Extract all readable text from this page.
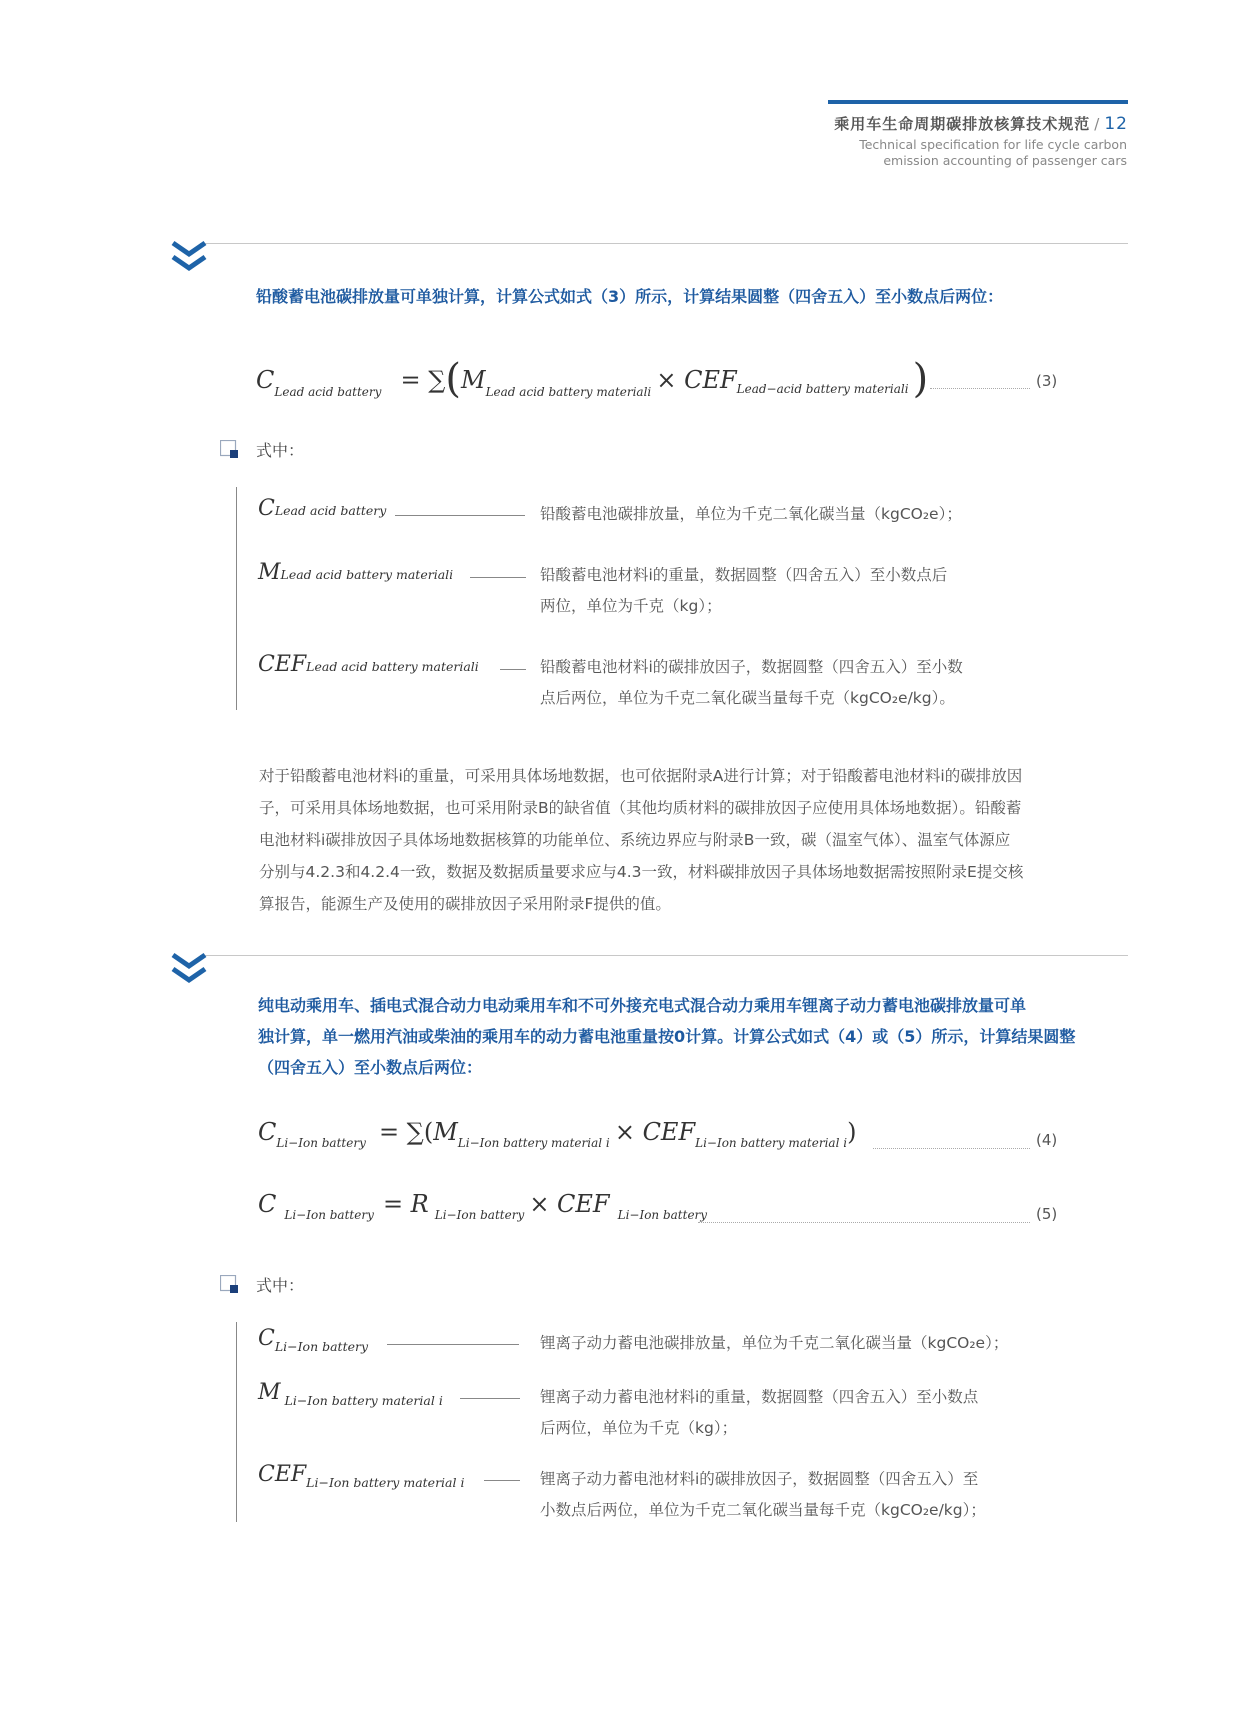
乘用车生命周期碳排放核算技术规范 / 12
Technical specification for life cycle carbon
emission accounting of passenger cars
铅酸蓄电池碳排放量可单独计算，计算公式如式（3）所示，计算结果圆整（四舍五入）至小数点后两位：
$C_{Lead acid battery} = \sum(M_{Lead acid battery materiali} \times CEF_{Lead-acid battery materiali}$ )	(3)
式中：
CLead acid battery	铅酸蓄电池碳排放量，单位为千克二氧化碳当量（kgCO₂e）；
MLead acid battery materiali	铅酸蓄电池材料i的重量，数据圆整（四舍五入）至小数点后
两位，单位为千克（kg）；
CEFLead acid battery materiali	铅酸蓄电池材料i的碳排放因子，数据圆整（四舍五入）至小数
点后两位，单位为千克二氧化碳当量每千克（kgCO₂e/kg）。
对于铅酸蓄电池材料i的重量，可采用具体场地数据，也可依据附录A进行计算；对于铅酸蓄电池材料i的碳排放因
子，可采用具体场地数据，也可采用附录B的缺省值（其他均质材料的碳排放因子应使用具体场地数据）。铅酸蓄
电池材料i碳排放因子具体场地数据核算的功能单位、系统边界应与附录B一致，碳（温室气体）、温室气体源应
分别与4.2.3和4.2.4一致，数据及数据质量要求应与4.3一致，材料碳排放因子具体场地数据需按照附录E提交核
算报告，能源生产及使用的碳排放因子采用附录F提供的值。
纯电动乘用车、插电式混合动力电动乘用车和不可外接充电式混合动力乘用车锂离子动力蓄电池碳排放量可单
独计算，单一燃用汽油或柴油的乘用车的动力蓄电池重量按0计算。计算公式如式（4）或（5）所示，计算结果圆整
（四舍五入）至小数点后两位：
$C_{Li-Ion battery} = \sum(M_{Li-Ion battery material i} \times CEF_{Li-Ion battery material i})$	(4)
C $_{Li-Ion battery}$ = R $_{Li-Ion battery}$ × CEF $_{Li-Ion battery}$	(5)
式中：
$C_{Li-Ion battery}$	锂离子动力蓄电池碳排放量，单位为千克二氧化碳当量（kgCO₂e）；
M $_{Li-Ion battery material i}$	锂离子动力蓄电池材料i的重量，数据圆整（四舍五入）至小数点
后两位，单位为千克（kg）；
$CEF_{Li-Ion battery material i}$	锂离子动力蓄电池材料i的碳排放因子，数据圆整（四舍五入）至
小数点后两位，单位为千克二氧化碳当量每千克（kgCO₂e/kg）；
